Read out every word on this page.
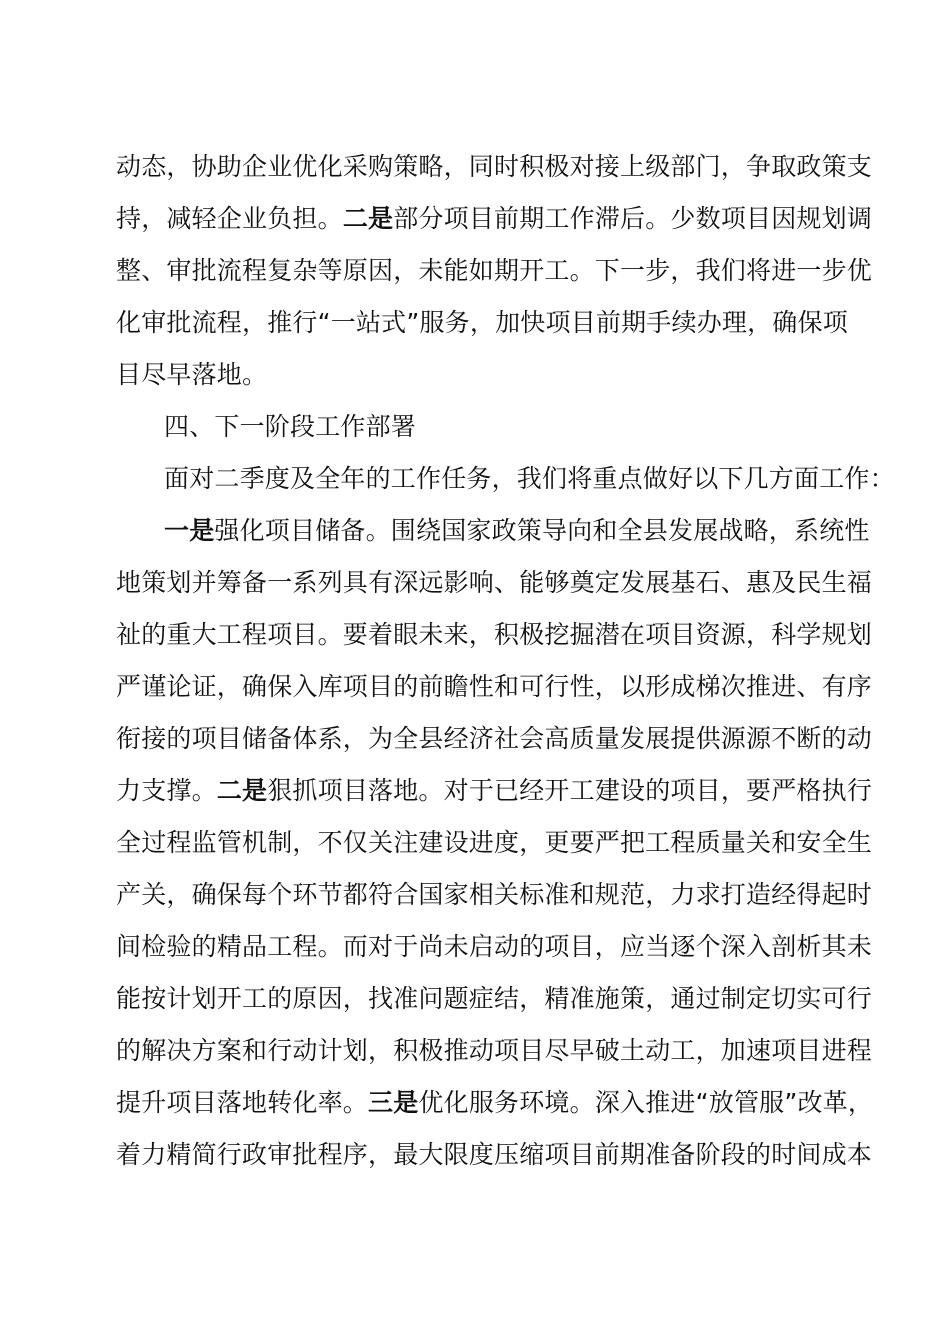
动态，协助企业优化采购策略，同时积极对接上级部门，争取政策支
持，减轻企业负担。二是部分项目前期工作滞后。少数项目因规划调
整、审批流程复杂等原因，未能如期开工。下一步，我们将进一步优
化审批流程，推行“一站式”服务，加快项目前期手续办理，确保项
目尽早落地。
四、下一阶段工作部署
面对二季度及全年的工作任务，我们将重点做好以下几方面工作：
一是强化项目储备。围绕国家政策导向和全县发展战略，系统性
地策划并筹备一系列具有深远影响、能够奠定发展基石、惠及民生福
祉的重大工程项目。要着眼未来，积极挖掘潜在项目资源，科学规划
严谨论证，确保入库项目的前瞻性和可行性，以形成梯次推进、有序
衔接的项目储备体系，为全县经济社会高质量发展提供源源不断的动
力支撑。二是狠抓项目落地。对于已经开工建设的项目，要严格执行
全过程监管机制，不仅关注建设进度，更要严把工程质量关和安全生
产关，确保每个环节都符合国家相关标准和规范，力求打造经得起时
间检验的精品工程。而对于尚未启动的项目，应当逐个深入剖析其未
能按计划开工的原因，找准问题症结，精准施策，通过制定切实可行
的解决方案和行动计划，积极推动项目尽早破土动工，加速项目进程
提升项目落地转化率。三是优化服务环境。深入推进“放管服”改革，
着力精简行政审批程序，最大限度压缩项目前期准备阶段的时间成本
